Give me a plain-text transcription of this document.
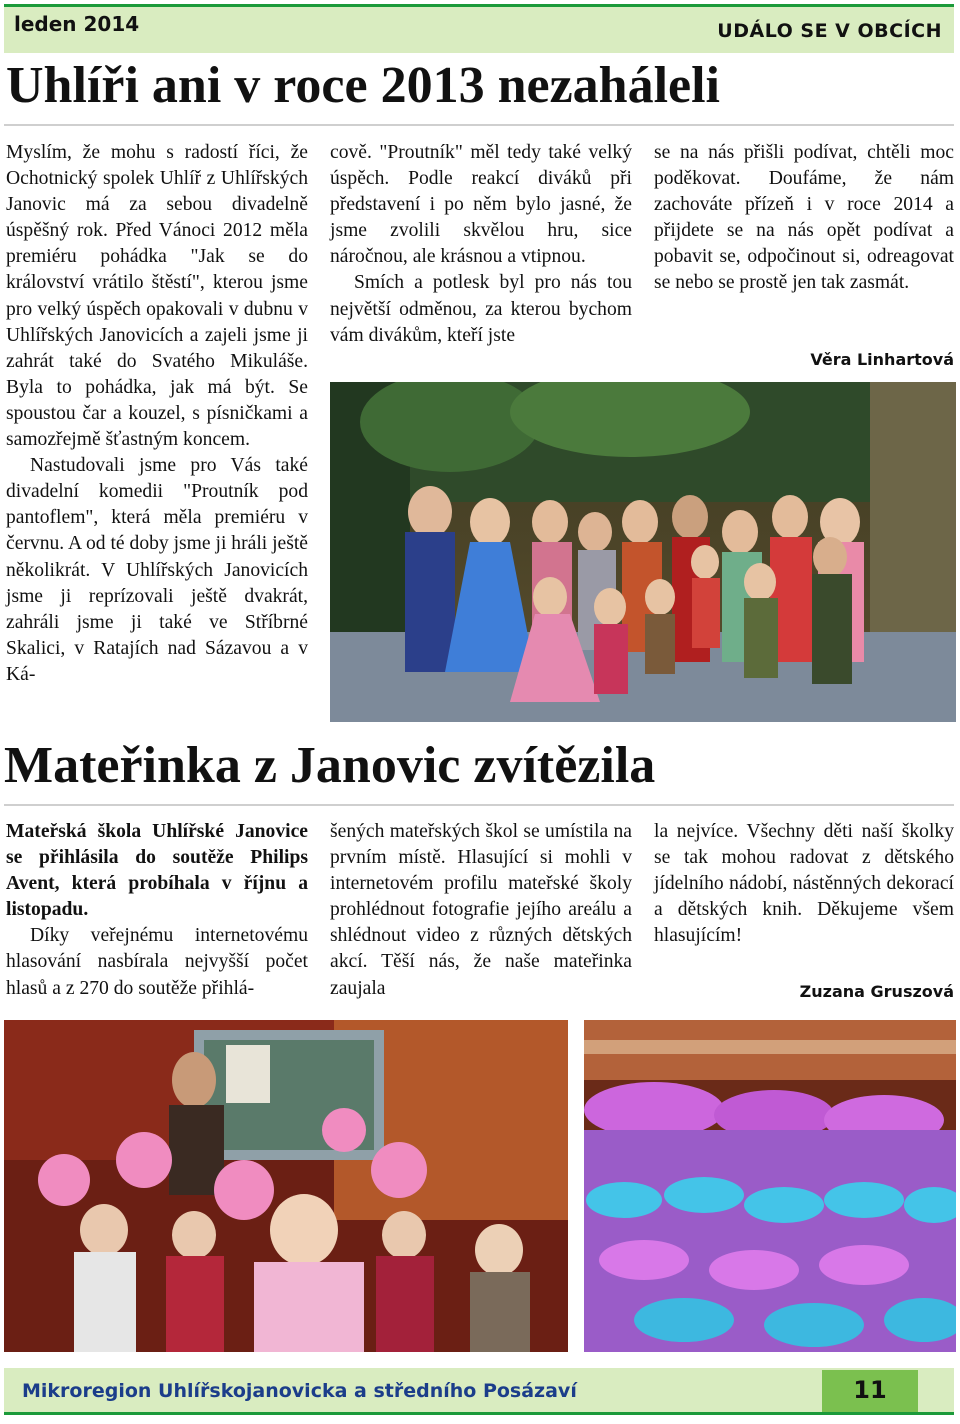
leden 2014	UDÁLO SE V OBCÍCH
Uhlíři ani v roce 2013 nezaháleli

Myslím, že mohu s radostí říci, že Ochotnický spolek Uhlíř z Uhlířských Janovic má za sebou divadelně úspěšný rok. Před Vánoci 2012 měla premiéru pohádka "Jak se do království vrátilo štěstí", kterou jsme pro velký úspěch opakovali v dubnu v Uhlířských Janovicích a zajeli jsme ji zahrát také do Svatého Mikuláše. Byla to pohádka, jak má být. Se spoustou čar a kouzel, s písničkami a samozřejmě šťastným koncem.

Nastudovali jsme pro Vás také divadelní komedii "Proutník pod pantoflem", která měla premiéru v červnu. A od té doby jsme ji hráli ještě několikrát. V Uhlířských Janovicích jsme ji reprízovali ještě dvakrát, zahráli jsme ji také ve Stříbrné Skalici, v Ratajích nad Sázavou a v Ká-

cově. "Proutník" měl tedy také velký úspěch. Podle reakcí diváků při představení i po něm bylo jasné, že jsme zvolili skvělou hru, sice náročnou, ale krásnou a vtipnou.

Smích a potlesk byl pro nás tou největší odměnou, za kterou bychom vám divákům, kteří jste

se na nás přišli podívat, chtěli moc poděkovat. Doufáme, že nám zachováte přízeň i v roce 2014 a přijdete se na nás opět podívat a pobavit se, odpočinout si, odreagovat se nebo se prostě jen tak zasmát.

Věra Linhartová
Mateřinka z Janovic zvítězila

Mateřská škola Uhlířské Janovice se přihlásila do soutěže Philips Avent, která probíhala v říjnu a listopadu.

Díky veřejnému internetovému hlasování nasbírala nejvyšší počet hlasů a z 270 do soutěže přihlá-

šených mateřských škol se umístila na prvním místě. Hlasující si mohli v internetovém profilu mateřské školy prohlédnout fotografie jejího areálu a shlédnout video z různých dětských akcí. Těší nás, že naše mateřinka zaujala

la nejvíce. Všechny děti naší školky se tak mohou radovat z dětského jídelního nádobí, nástěnných dekorací a dětských knih. Děkujeme všem hlasujícím!

Zuzana Gruszová
Mikroregion Uhlířskojanovicka a středního Posázaví	11
